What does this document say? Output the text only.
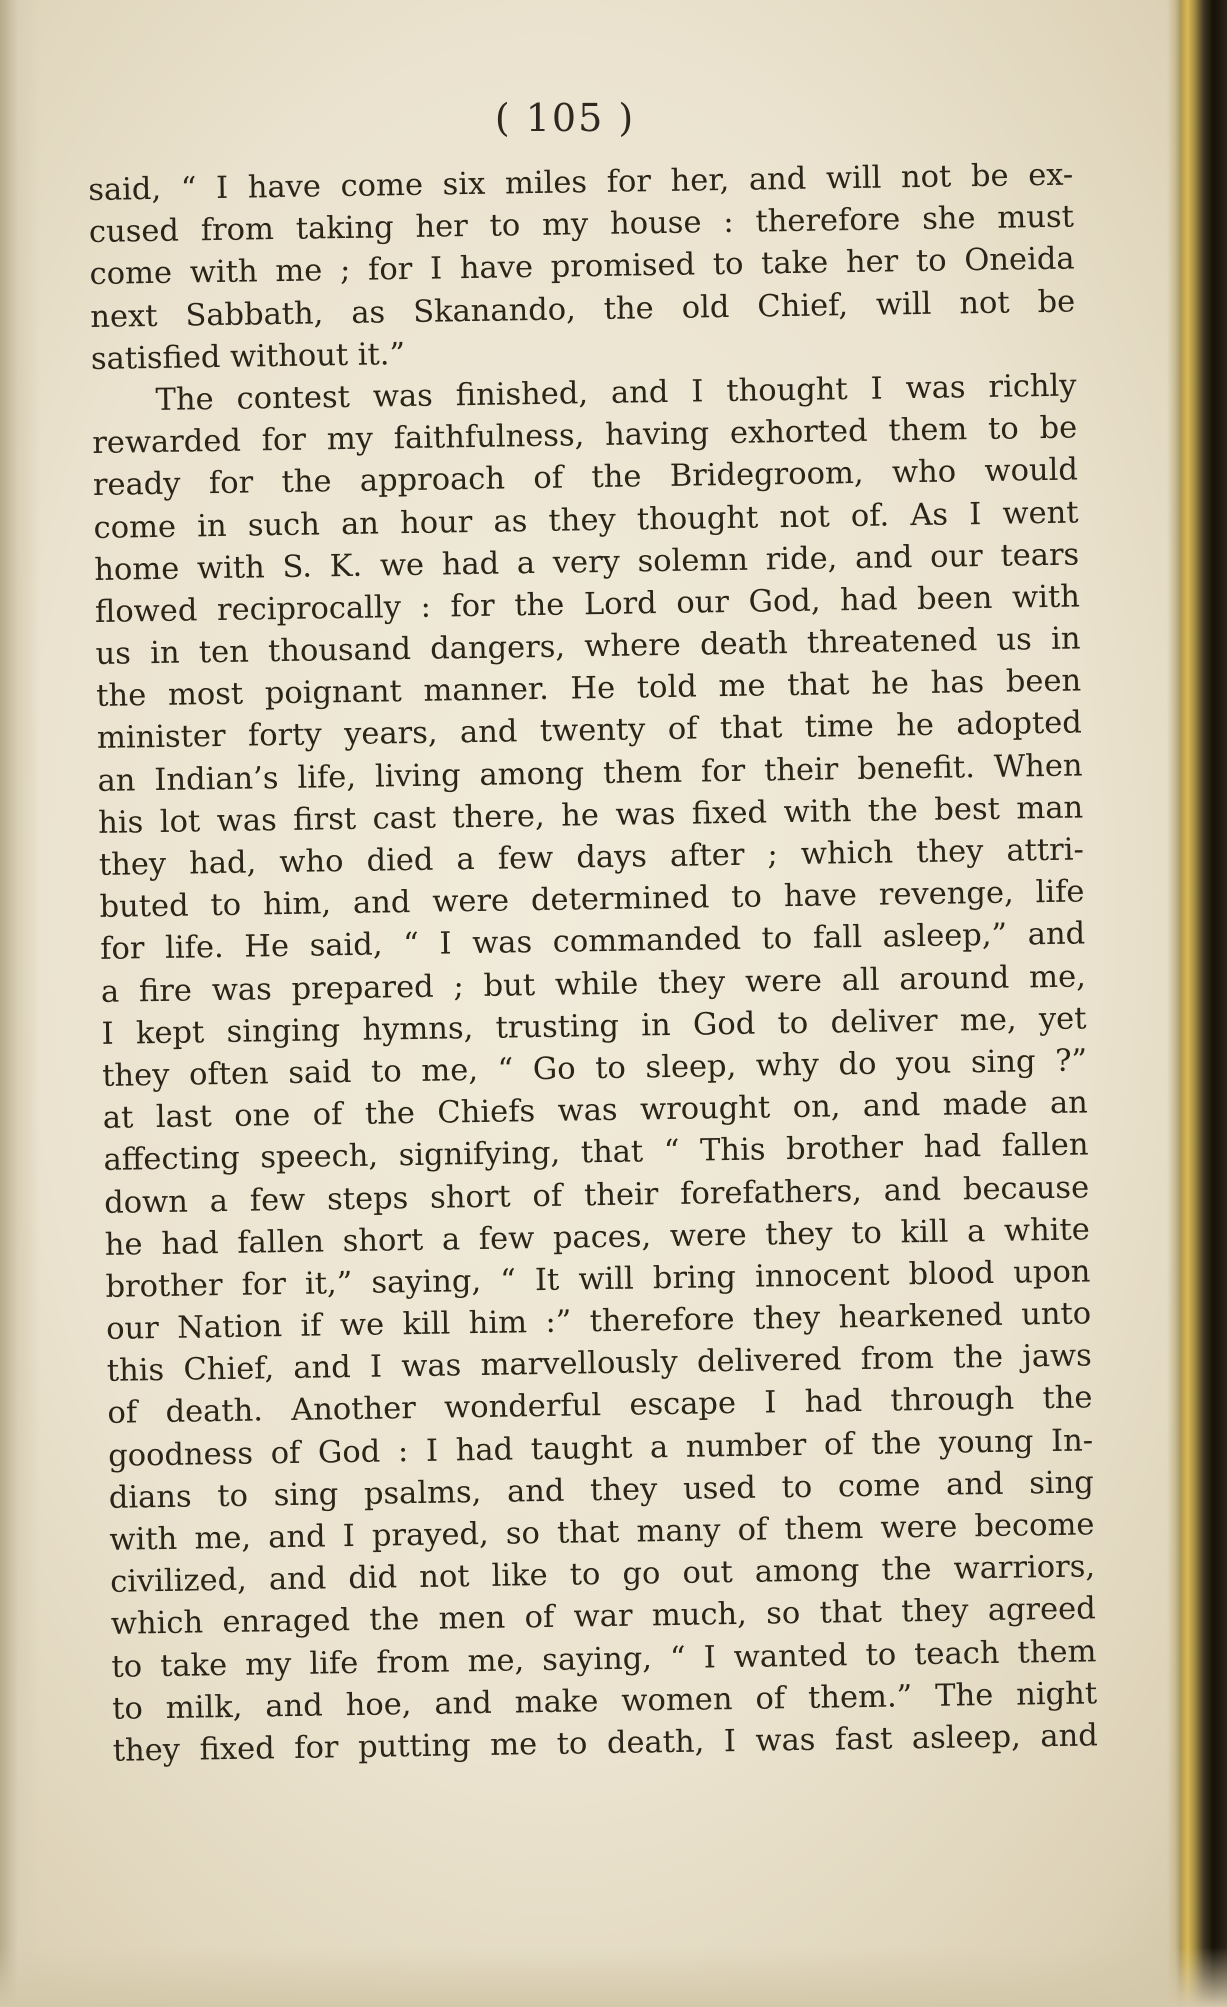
( 105 )
said, “ I have come six miles for her, and will not be ex-
cused from taking her to my house : therefore she must
come with me ; for I have promised to take her to Oneida
next Sabbath, as Skanando, the old Chief, will not be
satisfied without it.”
The contest was finished, and I thought I was richly
rewarded for my faithfulness, having exhorted them to be
ready for the approach of the Bridegroom, who would
come in such an hour as they thought not of. As I went
home with S. K. we had a very solemn ride, and our tears
flowed reciprocally : for the Lord our God, had been with
us in ten thousand dangers, where death threatened us in
the most poignant manner. He told me that he has been
minister forty years, and twenty of that time he adopted
an Indian’s life, living among them for their benefit. When
his lot was first cast there, he was fixed with the best man
they had, who died a few days after ; which they attri-
buted to him, and were determined to have revenge, life
for life. He said, “ I was commanded to fall asleep,” and
a fire was prepared ; but while they were all around me,
I kept singing hymns, trusting in God to deliver me, yet
they often said to me, “ Go to sleep, why do you sing ?”
at last one of the Chiefs was wrought on, and made an
affecting speech, signifying, that “ This brother had fallen
down a few steps short of their forefathers, and because
he had fallen short a few paces, were they to kill a white
brother for it,” saying, “ It will bring innocent blood upon
our Nation if we kill him :” therefore they hearkened unto
this Chief, and I was marvellously delivered from the jaws
of death. Another wonderful escape I had through the
goodness of God : I had taught a number of the young In-
dians to sing psalms, and they used to come and sing
with me, and I prayed, so that many of them were become
civilized, and did not like to go out among the warriors,
which enraged the men of war much, so that they agreed
to take my life from me, saying, “ I wanted to teach them
to milk, and hoe, and make women of them.” The night
they fixed for putting me to death, I was fast asleep, and
